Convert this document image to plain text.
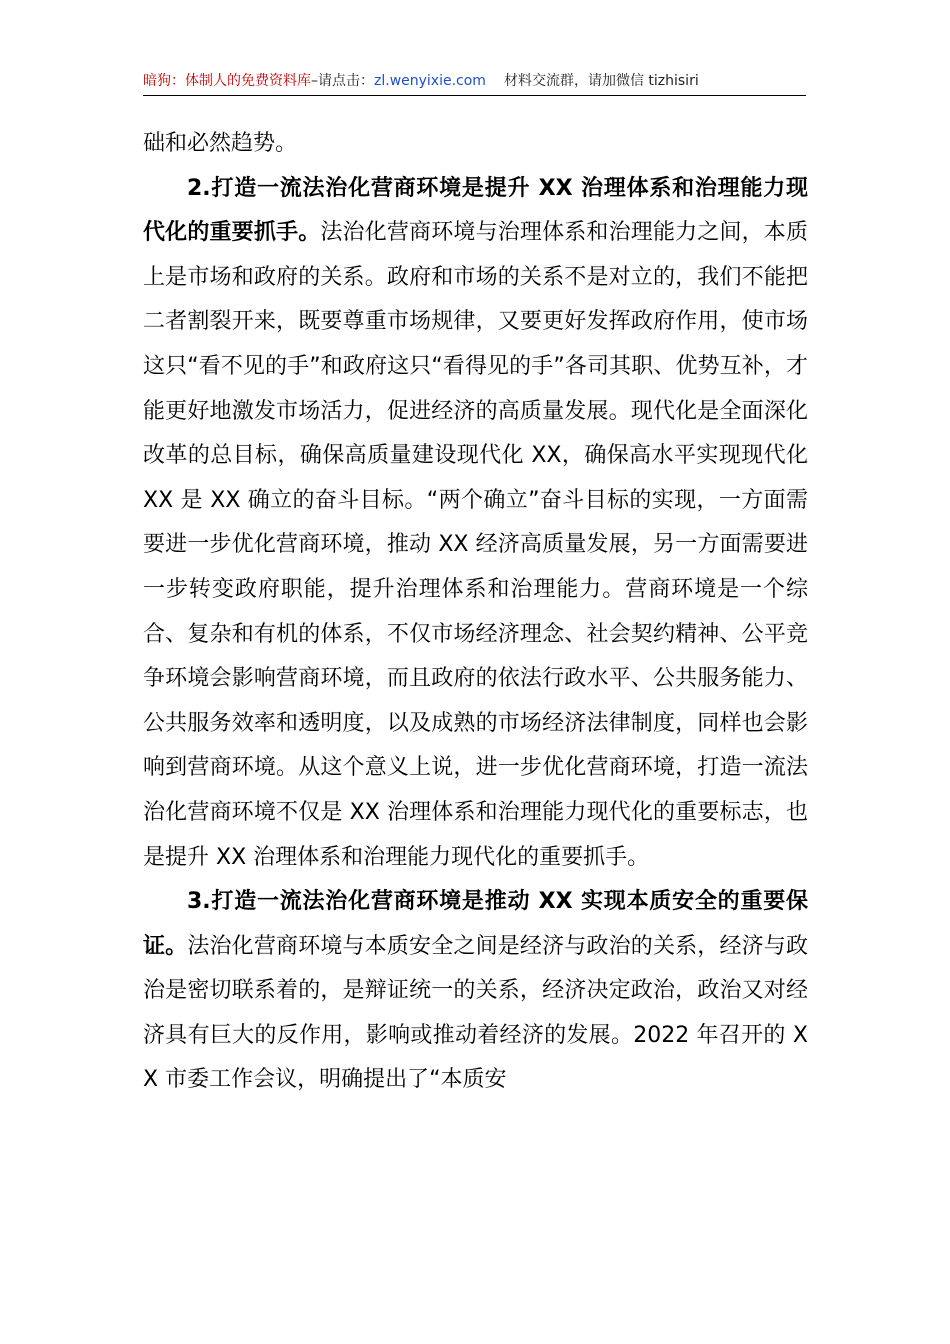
暗狗：体制人的免费资料库–请点击：zl.wenyixie.com 材料交流群，请加微信 tizhisiri

础和必然趋势。

2.打造一流法治化营商环境是提升 XX 治理体系和治理能力现代化的重要抓手。法治化营商环境与治理体系和治理能力之间，本质上是市场和政府的关系。政府和市场的关系不是对立的，我们不能把二者割裂开来，既要尊重市场规律，又要更好发挥政府作用，使市场这只“看不见的手”和政府这只“看得见的手”各司其职、优势互补，才能更好地激发市场活力，促进经济的高质量发展。现代化是全面深化改革的总目标，确保高质量建设现代化 XX，确保高水平实现现代化 XX 是 XX 确立的奋斗目标。“两个确立”奋斗目标的实现，一方面需要进一步优化营商环境，推动 XX 经济高质量发展，另一方面需要进一步转变政府职能，提升治理体系和治理能力。营商环境是一个综合、复杂和有机的体系，不仅市场经济理念、社会契约精神、公平竞争环境会影响营商环境，而且政府的依法行政水平、公共服务能力、公共服务效率和透明度，以及成熟的市场经济法律制度，同样也会影响到营商环境。从这个意义上说，进一步优化营商环境，打造一流法治化营商环境不仅是 XX 治理体系和治理能力现代化的重要标志，也是提升 XX 治理体系和治理能力现代化的重要抓手。

3.打造一流法治化营商环境是推动 XX 实现本质安全的重要保证。法治化营商环境与本质安全之间是经济与政治的关系，经济与政治是密切联系着的，是辩证统一的关系，经济决定政治，政治又对经济具有巨大的反作用，影响或推动着经济的发展。2022 年召开的 XX 市委工作会议，明确提出了“本质安
